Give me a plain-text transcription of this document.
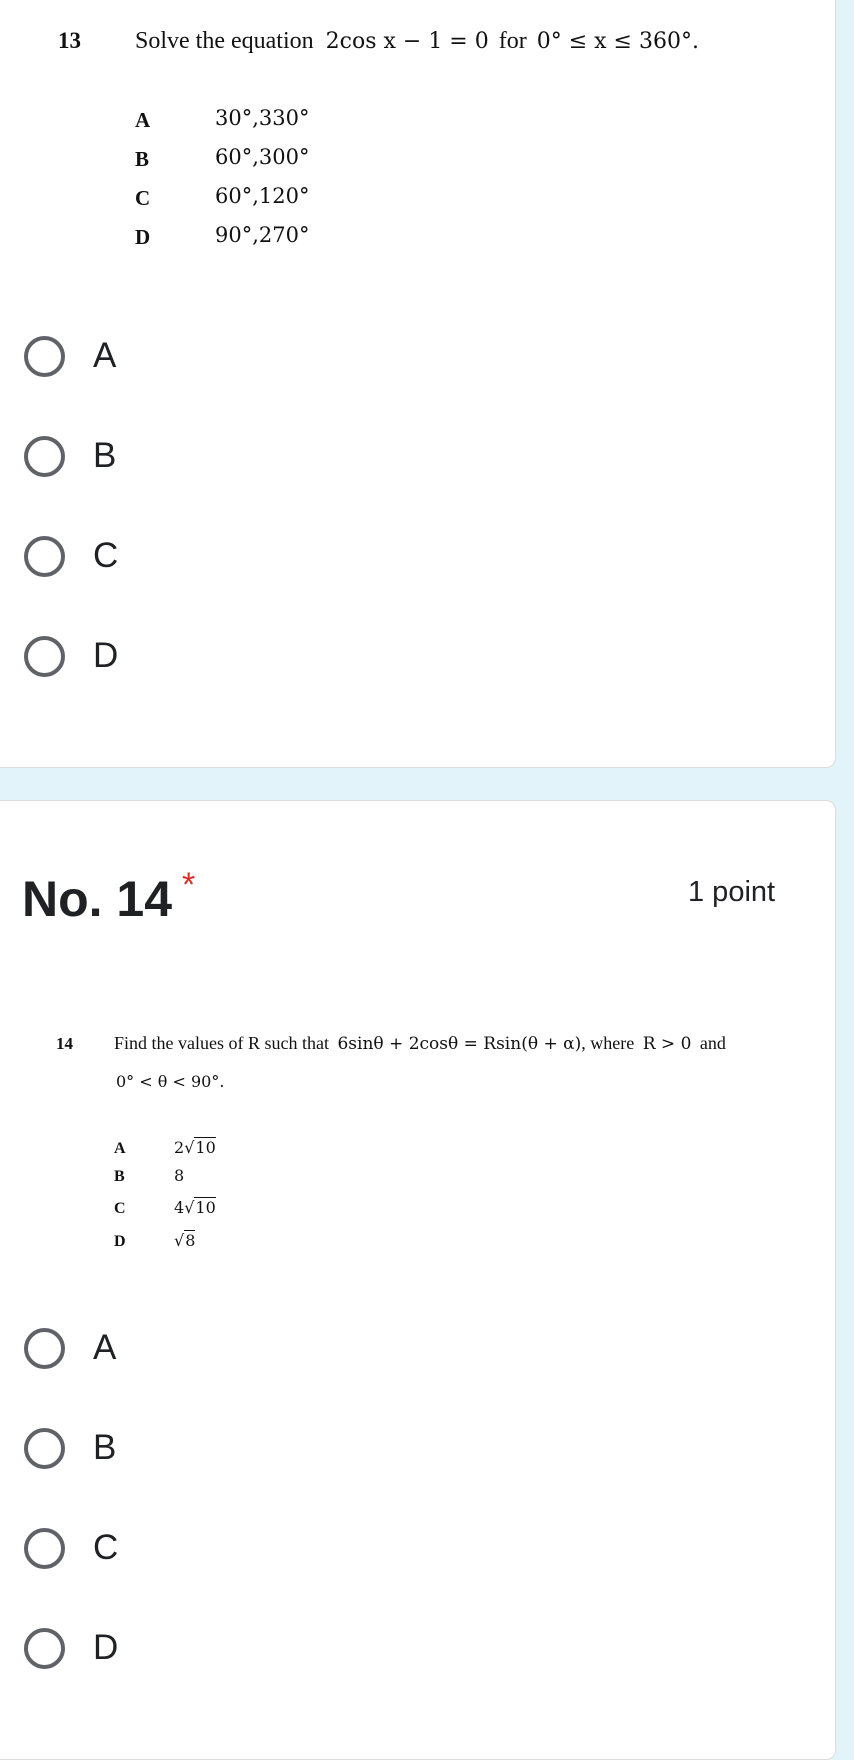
13 Solve the equation 2cos x − 1 = 0 for 0° ≤ x ≤ 360°.
A	30°,330°
B	60°,300°
C	60°,120°
D	90°,270°
A
B
C
D
No. 14 *	1 point
14 Find the values of R such that 6sinθ + 2cosθ = Rsin(θ + α), where R > 0 and
0° < θ < 90°.
A	2√10
B	8
C	4√10
D	√8
A
B
C
D
